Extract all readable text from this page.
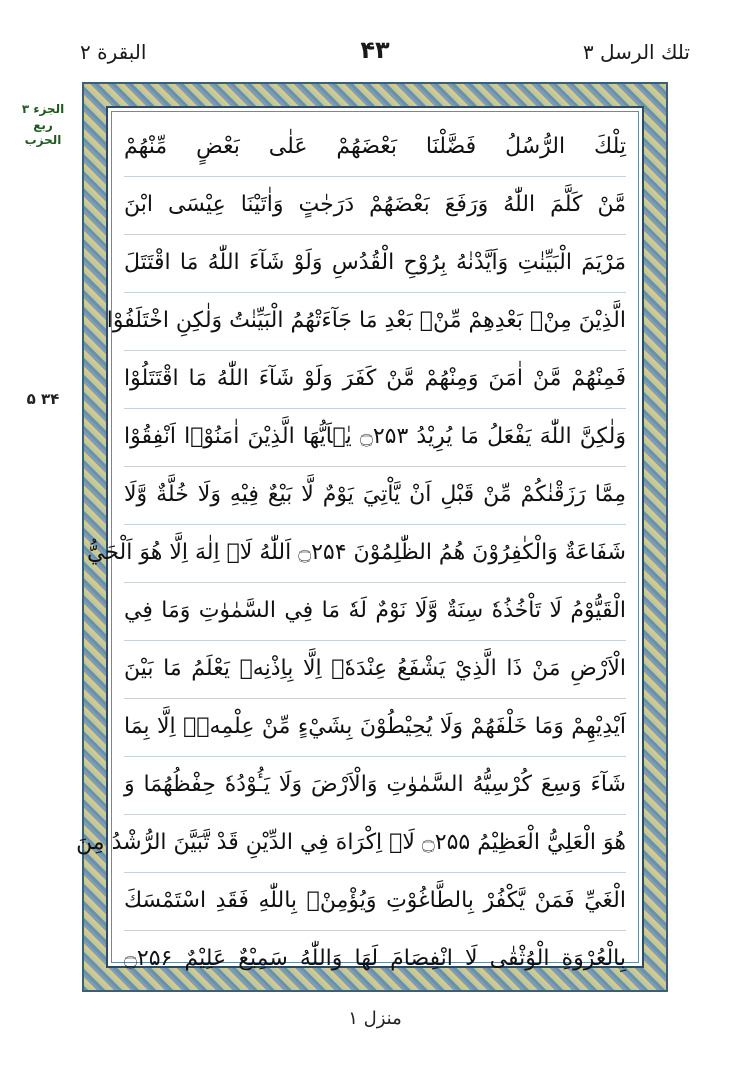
تلك الرسل ۳
۴۳
البقرة ۲
الجزء ۳
ربع الحزب
۳۴ ۵
تِلْكَ الرُّسُلُ فَضَّلْنَا بَعْضَهُمْ عَلٰى بَعْضٍ مِّنْهُمْ
مَّنْ كَلَّمَ اللّٰهُ وَرَفَعَ بَعْضَهُمْ دَرَجٰتٍ وَاٰتَيْنَا عِيْسَى ابْنَ
مَرْيَمَ الْبَيِّنٰتِ وَاَيَّدْنٰهُ بِرُوْحِ الْقُدُسِ وَلَوْ شَآءَ اللّٰهُ مَا اقْتَتَلَ
الَّذِيْنَ مِنْۢ بَعْدِهِمْ مِّنْۢ بَعْدِ مَا جَآءَتْهُمُ الْبَيِّنٰتُ وَلٰكِنِ اخْتَلَفُوْا
فَمِنْهُمْ مَّنْ اٰمَنَ وَمِنْهُمْ مَّنْ كَفَرَ وَلَوْ شَآءَ اللّٰهُ مَا اقْتَتَلُوْا
وَلٰكِنَّ اللّٰهَ يَفْعَلُ مَا يُرِيْدُ ۝۲۵۳ يٰۤاَيُّهَا الَّذِيْنَ اٰمَنُوْۤا اَنْفِقُوْا
مِمَّا رَزَقْنٰكُمْ مِّنْ قَبْلِ اَنْ يَّاْتِيَ يَوْمٌ لَّا بَيْعٌ فِيْهِ وَلَا خُلَّةٌ وَّلَا
شَفَاعَةٌ وَالْكٰفِرُوْنَ هُمُ الظّٰلِمُوْنَ ۝۲۵۴ اَللّٰهُ لَاۤ اِلٰهَ اِلَّا هُوَ اَلْحَيُّ
الْقَيُّوْمُ لَا تَاْخُذُهٗ سِنَةٌ وَّلَا نَوْمٌ لَهٗ مَا فِي السَّمٰوٰتِ وَمَا فِي
الْاَرْضِ مَنْ ذَا الَّذِيْ يَشْفَعُ عِنْدَهٗۤ اِلَّا بِاِذْنِهٖ يَعْلَمُ مَا بَيْنَ
اَيْدِيْهِمْ وَمَا خَلْفَهُمْ وَلَا يُحِيْطُوْنَ بِشَيْءٍ مِّنْ عِلْمِهٖۤ اِلَّا بِمَا
شَآءَ وَسِعَ كُرْسِيُّهُ السَّمٰوٰتِ وَالْاَرْضَ وَلَا يَـُٔوْدُهٗ حِفْظُهُمَا وَ
هُوَ الْعَلِيُّ الْعَظِيْمُ ۝۲۵۵ لَاۤ اِكْرَاهَ فِي الدِّيْنِ قَدْ تَّبَيَّنَ الرُّشْدُ مِنَ
الْغَيِّ فَمَنْ يَّكْفُرْ بِالطَّاغُوْتِ وَيُؤْمِنْۢ بِاللّٰهِ فَقَدِ اسْتَمْسَكَ
بِالْعُرْوَةِ الْوُثْقٰى لَا انْفِصَامَ لَهَا وَاللّٰهُ سَمِيْعٌ عَلِيْمٌ ۝۲۵۶
منزل ۱
